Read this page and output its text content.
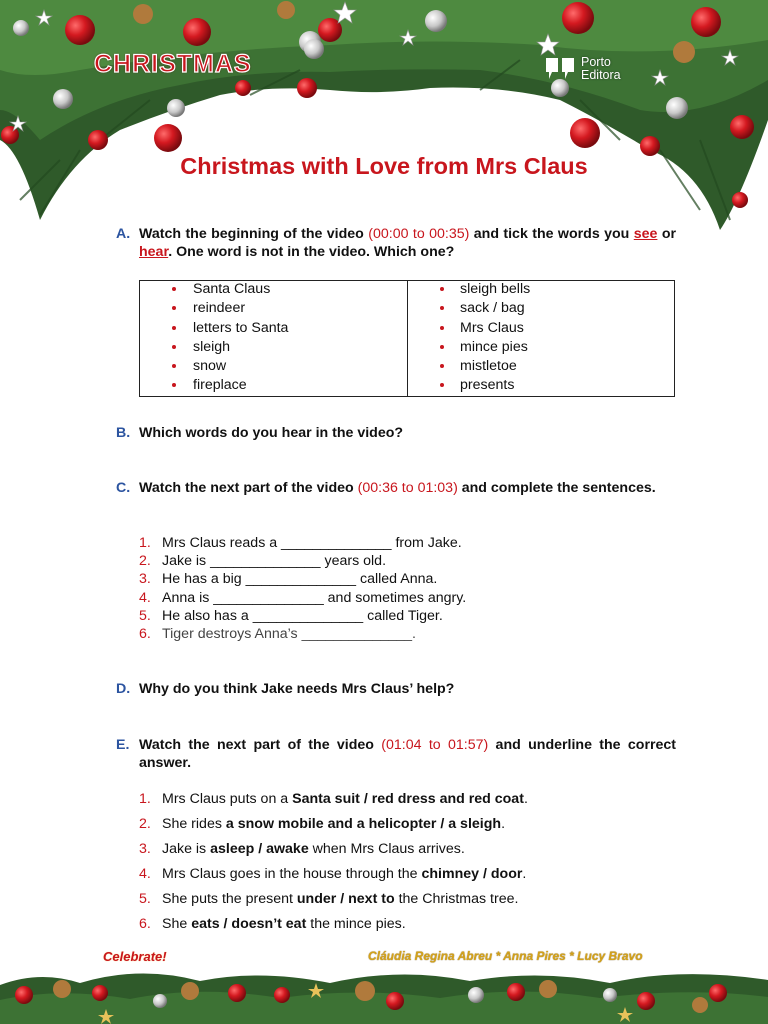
CHRISTMAS	Porto
Editora
Christmas with Love from Mrs Claus
A. Watch the beginning of the video (00:00 to 00:35) and tick the words you see or hear. One word is not in the video. Which one?

Santa Claus
reindeer
letters to Santa
sleigh
snow
fireplace
sleigh bells
sack / bag
Mrs Claus
mince pies
mistletoe
presents
B. Which words do you hear in the video?

C. Watch the next part of the video (00:36 to 01:03) and complete the sentences.

1. Mrs Claus reads a ______________ from Jake.
2. Jake is ______________ years old.
3. He has a big ______________ called Anna.
4. Anna is ______________ and sometimes angry.
5. He also has a ______________ called Tiger.
6. Tiger destroys Anna’s ______________.
D. Why do you think Jake needs Mrs Claus’ help?

E. Watch the next part of the video (01:04 to 01:57) and underline the correct answer.

1. Mrs Claus puts on a Santa suit / red dress and red coat.
2. She rides a snow mobile and a helicopter / a sleigh.
3. Jake is asleep / awake when Mrs Claus arrives.
4. Mrs Claus goes in the house through the chimney / door.
5. She puts the present under / next to the Christmas tree.
6. She eats / doesn’t eat the mince pies.
Celebrate!	Cláudia Regina Abreu * Anna Pires * Lucy Bravo
